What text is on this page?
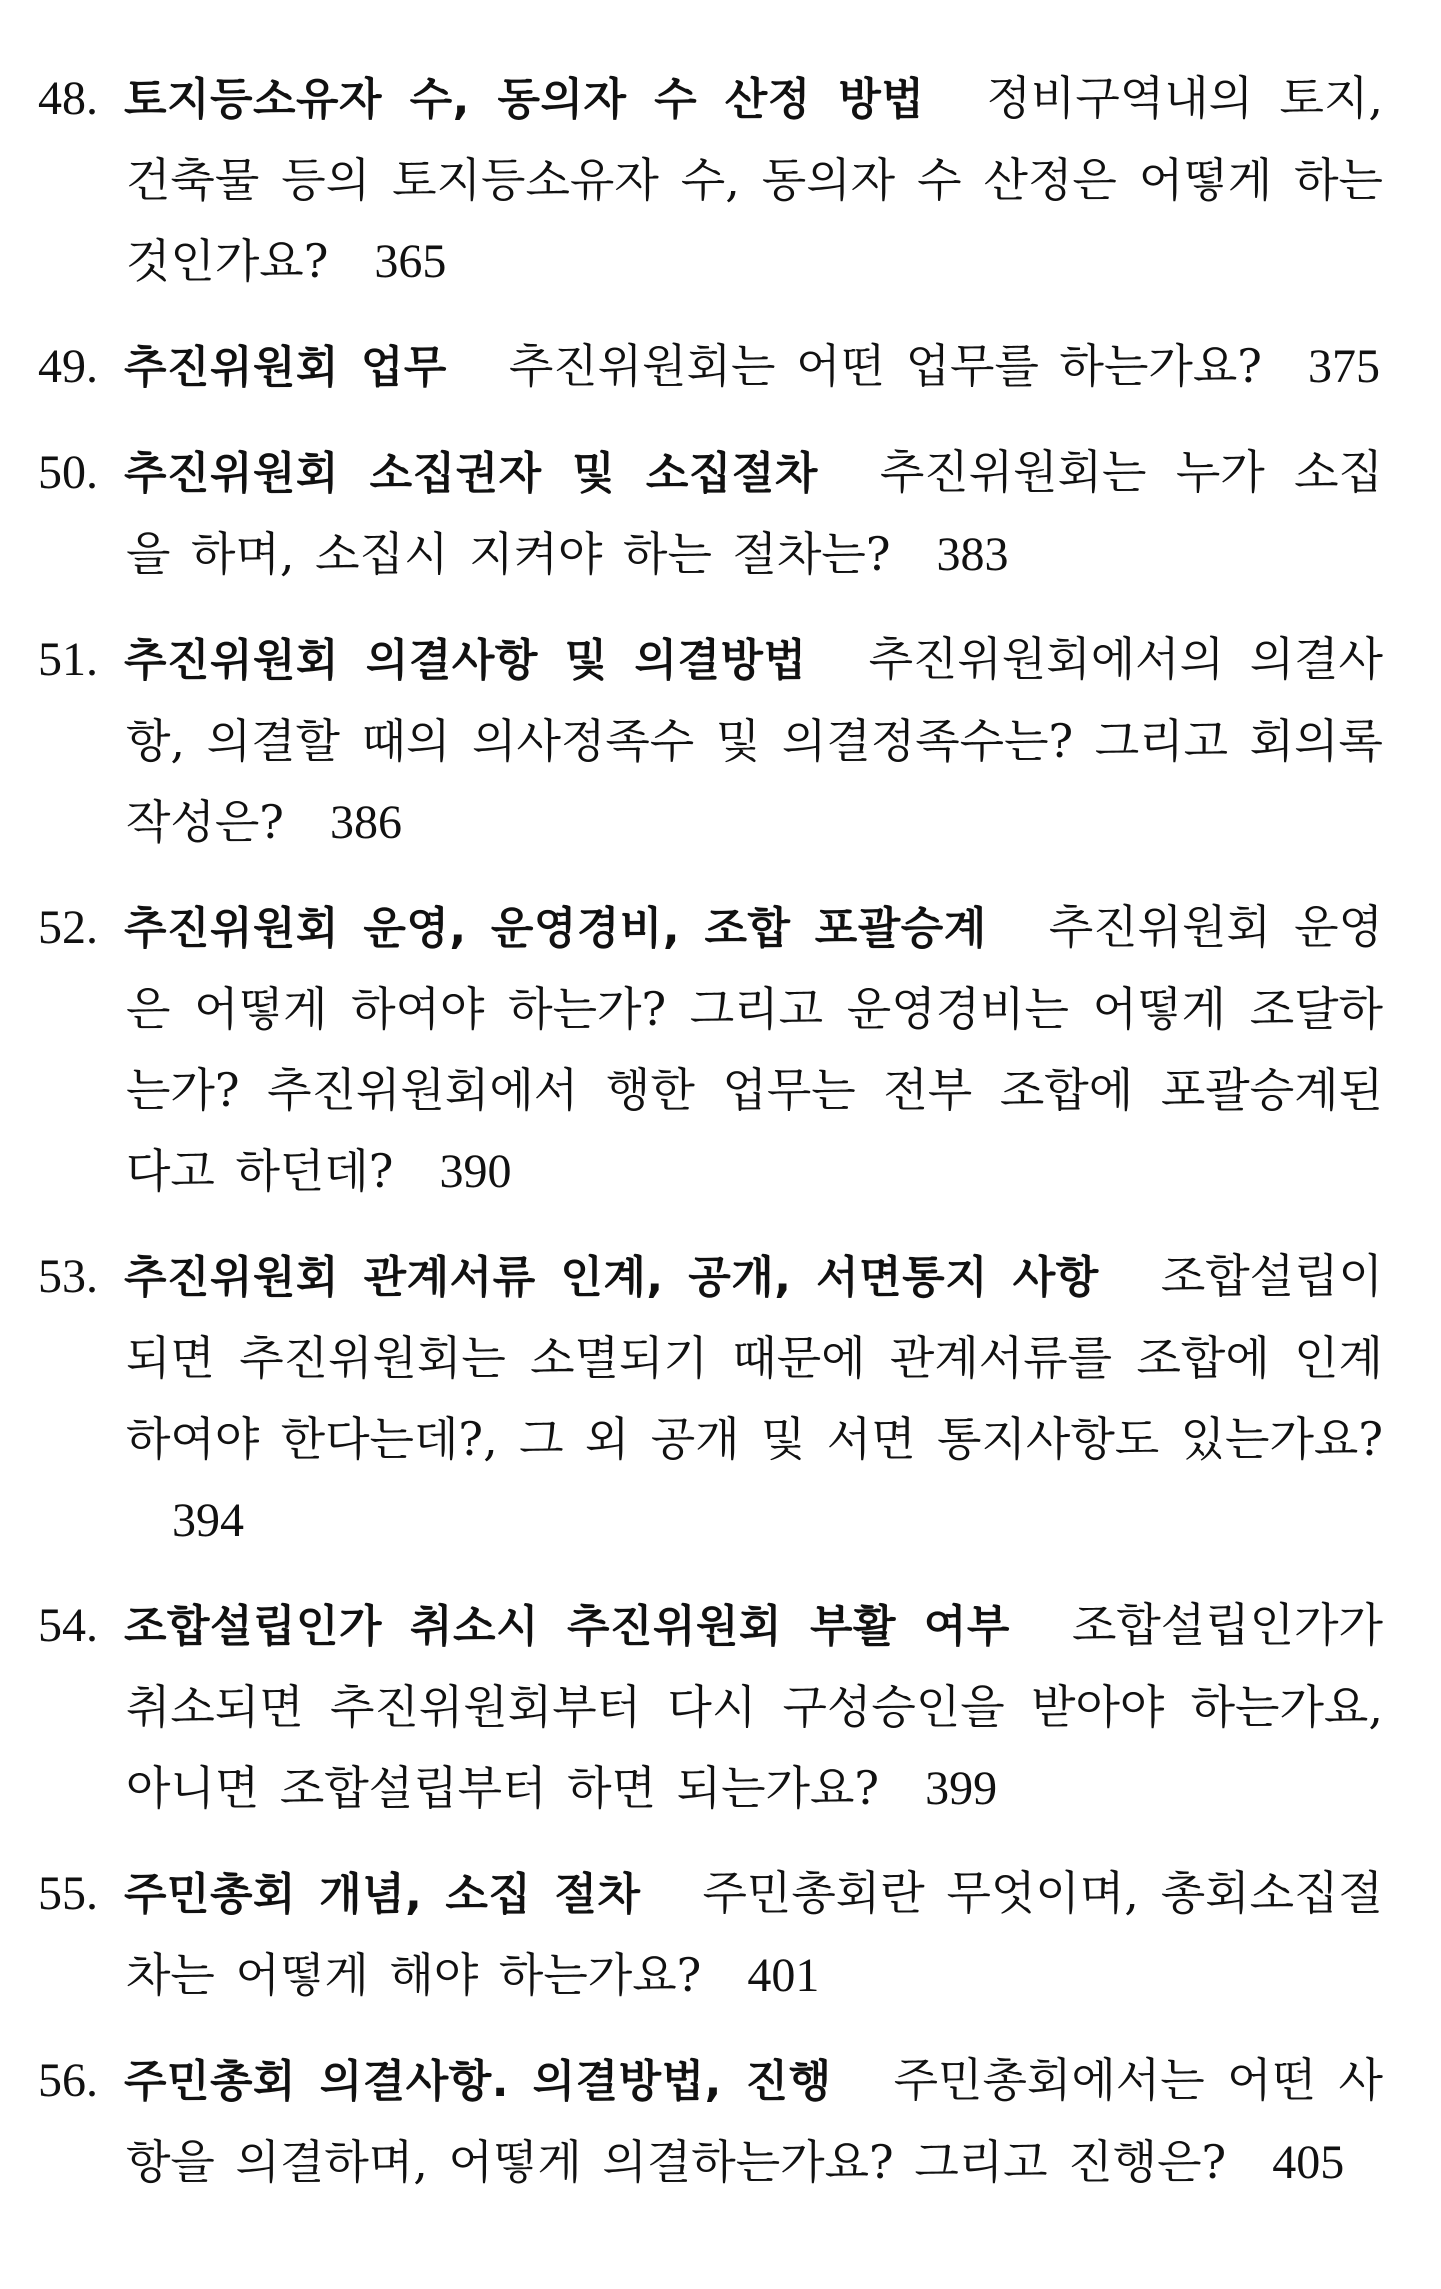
48. 토지등소유자 수, 동의자 수 산정 방법 정비구역내의 토지, 건축물 등의 토지등소유자 수, 동의자 수 산정은 어떻게 하는 것인가요? 365
49. 추진위원회 업무 추진위원회는 어떤 업무를 하는가요? 375
50. 추진위원회 소집권자 및 소집절차 추진위원회는 누가 소집을 하며, 소집시 지켜야 하는 절차는? 383
51. 추진위원회 의결사항 및 의결방법 추진위원회에서의 의결사항, 의결할 때의 의사정족수 및 의결정족수는? 그리고 회의록 작성은? 386
52. 추진위원회 운영, 운영경비, 조합 포괄승계 추진위원회 운영은 어떻게 하여야 하는가? 그리고 운영경비는 어떻게 조달하는가? 추진위원회에서 행한 업무는 전부 조합에 포괄승계된다고 하던데? 390
53. 추진위원회 관계서류 인계, 공개, 서면통지 사항 조합설립이 되면 추진위원회는 소멸되기 때문에 관계서류를 조합에 인계하여야 한다는데?, 그 외 공개 및 서면 통지사항도 있는가요?394
54. 조합설립인가 취소시 추진위원회 부활 여부 조합설립인가가 취소되면 추진위원회부터 다시 구성승인을 받아야 하는가요, 아니면 조합설립부터 하면 되는가요? 399
55. 주민총회 개념, 소집 절차 주민총회란 무엇이며, 총회소집절차는 어떻게 해야 하는가요? 401
56. 주민총회 의결사항. 의결방법, 진행 주민총회에서는 어떤 사항을 의결하며, 어떻게 의결하는가요? 그리고 진행은? 405
